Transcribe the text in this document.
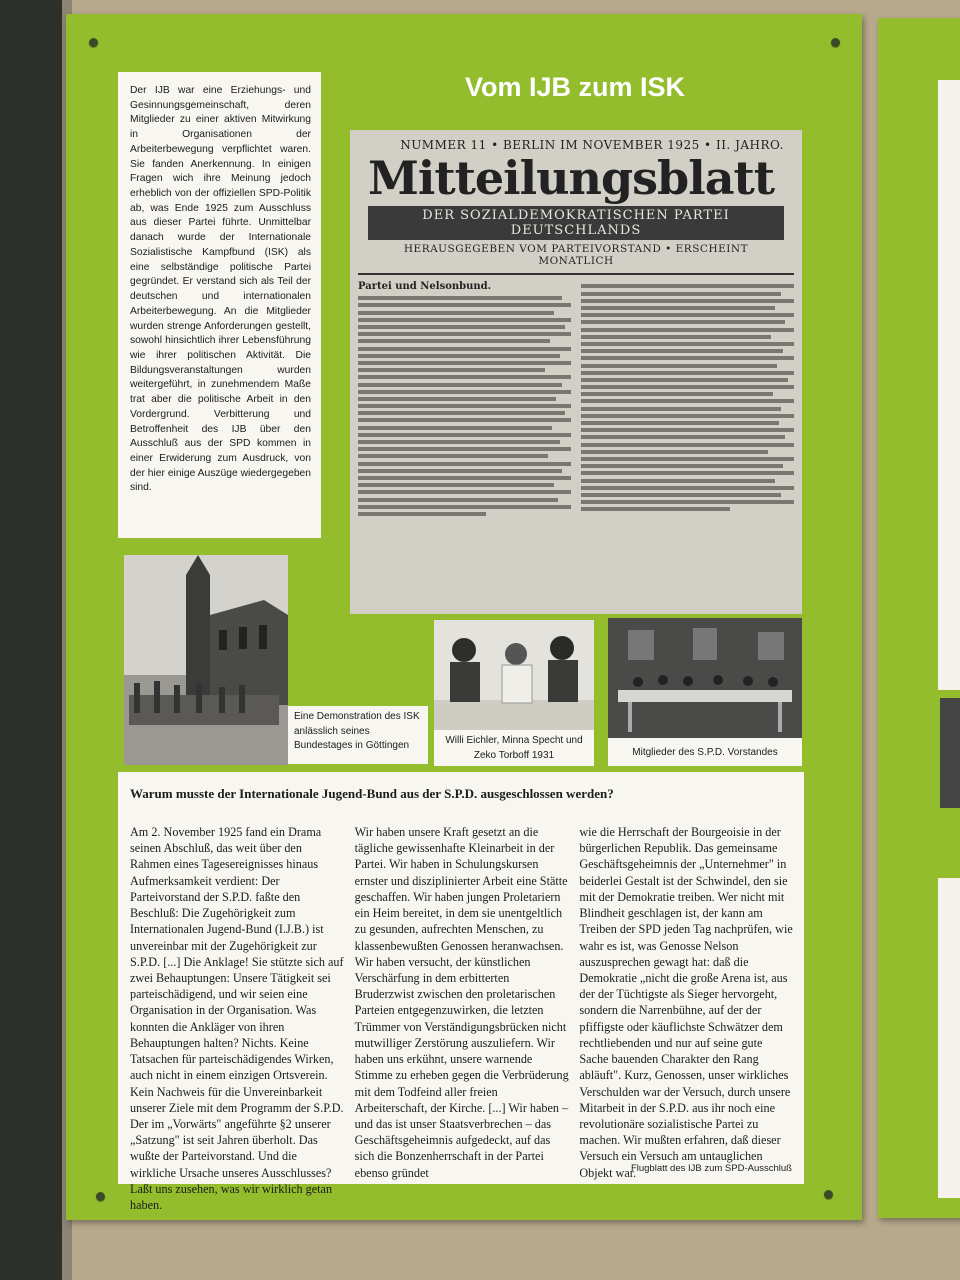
Vom IJB zum ISK
Der IJB war eine Erziehungs- und Gesinnungsgemeinschaft, deren Mitglieder zu einer aktiven Mitwirkung in Organisationen der Arbeiterbewegung verpflichtet waren. Sie fanden Anerkennung. In einigen Fragen wich ihre Meinung jedoch erheblich von der offiziellen SPD-Politik ab, was Ende 1925 zum Ausschluss aus dieser Partei führte. Unmittelbar danach wurde der Internationale Sozialistische Kampfbund (ISK) als eine selbständige politische Partei gegründet. Er verstand sich als Teil der deutschen und internationalen Arbeiterbewegung. An die Mitglieder wurden strenge Anforderungen gestellt, sowohl hinsichtlich ihrer Lebensführung wie ihrer politischen Aktivität. Die Bildungsveranstaltungen wurden weitergeführt, in zunehmendem Maße trat aber die politische Arbeit in den Vordergrund. Verbitterung und Betroffenheit des IJB über den Ausschluß aus der SPD kommen in einer Erwiderung zum Ausdruck, von der hier einige Auszüge wiedergegeben sind.
NUMMER 11 • BERLIN IM NOVEMBER 1925 • II. JAHRO.
Mitteilungsblatt
DER SOZIALDEMOKRATISCHEN PARTEI DEUTSCHLANDS
HERAUSGEGEBEN VOM PARTEIVORSTAND • ERSCHEINT MONATLICH
Partei und Nelsonbund.
Eine Demonstration des ISK anlässlich seines Bundestages in Göttingen	Willi Eichler, Minna Specht und Zeko Torboff 1931	Mitglieder des S.P.D. Vorstandes
Warum musste der Internationale Jugend-Bund aus der S.P.D. ausgeschlossen werden?

Am 2. November 1925 fand ein Drama seinen Abschluß, das weit über den Rahmen eines Tagesereignisses hinaus Aufmerksamkeit verdient: Der Parteivorstand der S.P.D. faßte den Beschluß: Die Zugehörigkeit zum Internationalen Jugend-Bund (I.J.B.) ist unvereinbar mit der Zugehörigkeit zur S.P.D. [...] Die Anklage! Sie stützte sich auf zwei Behauptungen: Unsere Tätigkeit sei parteischädigend, und wir seien eine Organisation in der Organisation. Was konnten die Ankläger von ihren Behauptungen halten? Nichts. Keine Tatsachen für parteischädigendes Wirken, auch nicht in einem einzigen Ortsverein. Kein Nachweis für die Unvereinbarkeit unserer Ziele mit dem Programm der S.P.D. Der im „Vorwärts" angeführte §2 unserer „Satzung" ist seit Jahren überholt. Das wußte der Parteivorstand. Und die wirkliche Ursache unseres Ausschlusses? Laßt uns zusehen, was wir wirklich getan haben.

Wir haben unsere Kraft gesetzt an die tägliche gewissenhafte Kleinarbeit in der Partei. Wir haben in Schulungskursen ernster und disziplinierter Arbeit eine Stätte geschaffen. Wir haben jungen Proletariern ein Heim bereitet, in dem sie unentgeltlich zu gesunden, aufrechten Menschen, zu klassenbewußten Genossen heranwachsen. Wir haben versucht, der künstlichen Verschärfung in dem erbitterten Bruderzwist zwischen den proletarischen Parteien entgegenzuwirken, die letzten Trümmer von Verständigungsbrücken nicht mutwilliger Zerstörung auszuliefern. Wir haben uns erkühnt, unsere warnende Stimme zu erheben gegen die Verbrüderung mit dem Todfeind aller freien Arbeiterschaft, der Kirche. [...] Wir haben – und das ist unser Staatsverbrechen – das Geschäftsgeheimnis aufgedeckt, auf das sich die Bonzenherrschaft in der Partei ebenso gründet

wie die Herrschaft der Bourgeoisie in der bürgerlichen Republik. Das gemeinsame Geschäftsgeheimnis der „Unternehmer" in beiderlei Gestalt ist der Schwindel, den sie mit der Demokratie treiben. Wer nicht mit Blindheit geschlagen ist, der kann am Treiben der SPD jeden Tag nachprüfen, wie wahr es ist, was Genosse Nelson auszusprechen gewagt hat: daß die Demokratie „nicht die große Arena ist, aus der der Tüchtigste als Sieger hervorgeht, sondern die Narrenbühne, auf der der pfiffigste oder käuflichste Schwätzer dem rechtliebenden und nur auf seine gute Sache bauenden Charakter den Rang abläuft". Kurz, Genossen, unser wirkliches Verschulden war der Versuch, durch unsere Mitarbeit in der S.P.D. aus ihr noch eine revolutionäre sozialistische Partei zu machen. Wir mußten erfahren, daß dieser Versuch ein Versuch am untauglichen Objekt war.

Flugblatt des IJB zum SPD-Ausschluß
